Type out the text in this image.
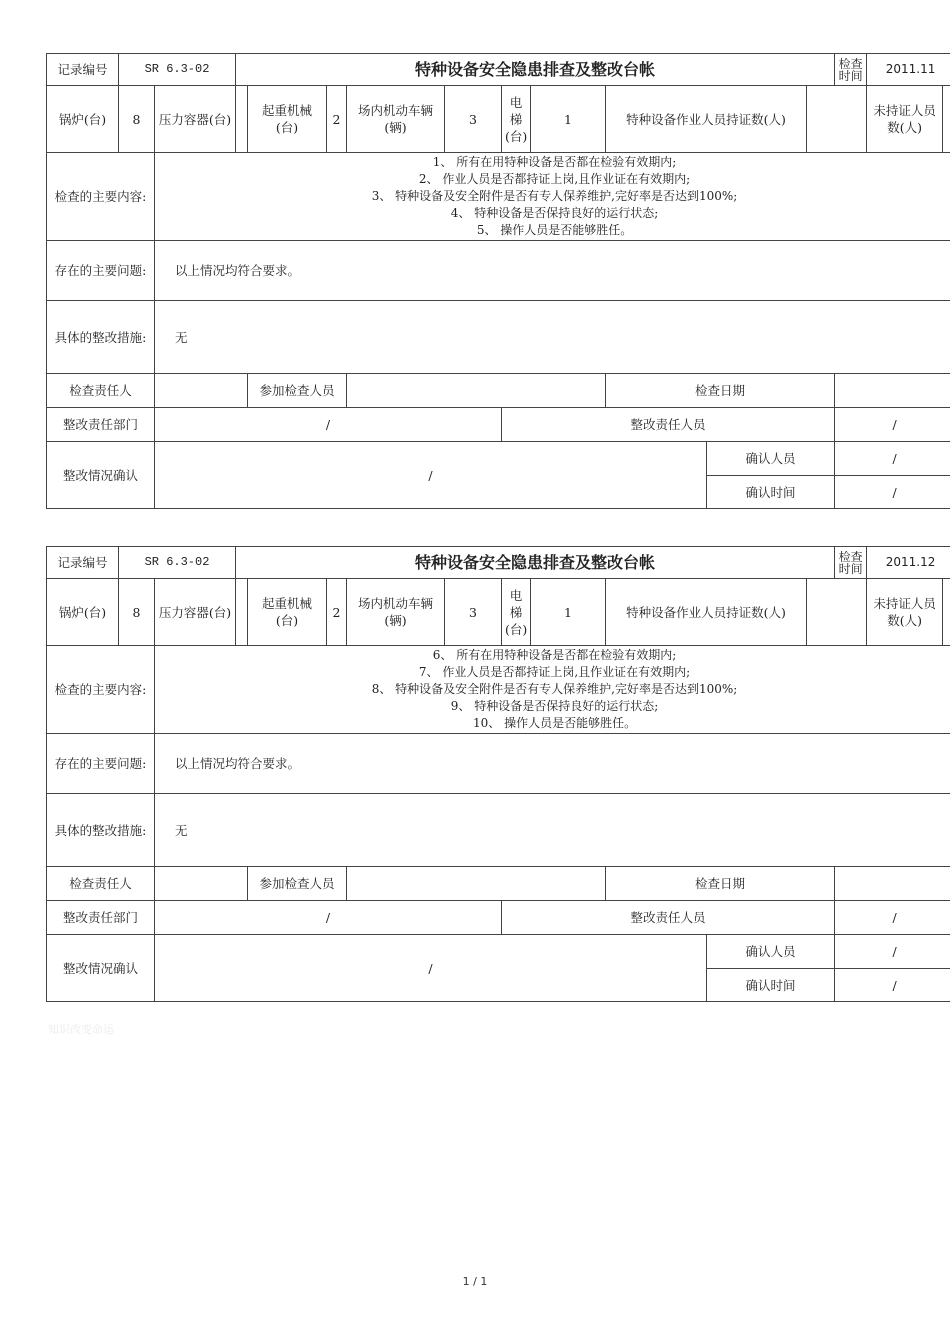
记录编号	SR 6.3-02		特种设备安全隐患排查及整改台帐										检查时间	2011.11	
锅炉(台)	8	压力容器(台)		起重机械(台)	2	场内机动车辆(辆)	3	电梯(台)	1	特种设备作业人员持证数(人)				未持证人员数(人)	
检查的主要内容:		1、 所有在用特种设备是否都在检验有效期内;
2、 作业人员是否都持证上岗,且作业证在有效期内;
3、 特种设备及安全附件是否有专人保养维护,完好率是否达到100%;
4、 特种设备是否保持良好的运行状态;
5、 操作人员是否能够胜任。													

存在的主要问题:		以上情况均符合要求。													
具体的整改措施:		无													
检查责任人				参加检查人员						检查日期					
整改责任部门		/						整改责任人员					/		
整改情况确认		/									确认人员		/		
											确认时间		/		
记录编号	SR 6.3-02		特种设备安全隐患排查及整改台帐										检查时间	2011.12	
锅炉(台)	8	压力容器(台)		起重机械(台)	2	场内机动车辆(辆)	3	电梯(台)	1	特种设备作业人员持证数(人)				未持证人员数(人)	
检查的主要内容:		6、 所有在用特种设备是否都在检验有效期内;
7、 作业人员是否都持证上岗,且作业证在有效期内;
8、 特种设备及安全附件是否有专人保养维护,完好率是否达到100%;
9、 特种设备是否保持良好的运行状态;
10、 操作人员是否能够胜任。													

存在的主要问题:		以上情况均符合要求。													
具体的整改措施:		无													
检查责任人				参加检查人员						检查日期					
整改责任部门		/						整改责任人员					/		
整改情况确认		/									确认人员		/		
											确认时间		/		
知识改变命运
1 / 1
